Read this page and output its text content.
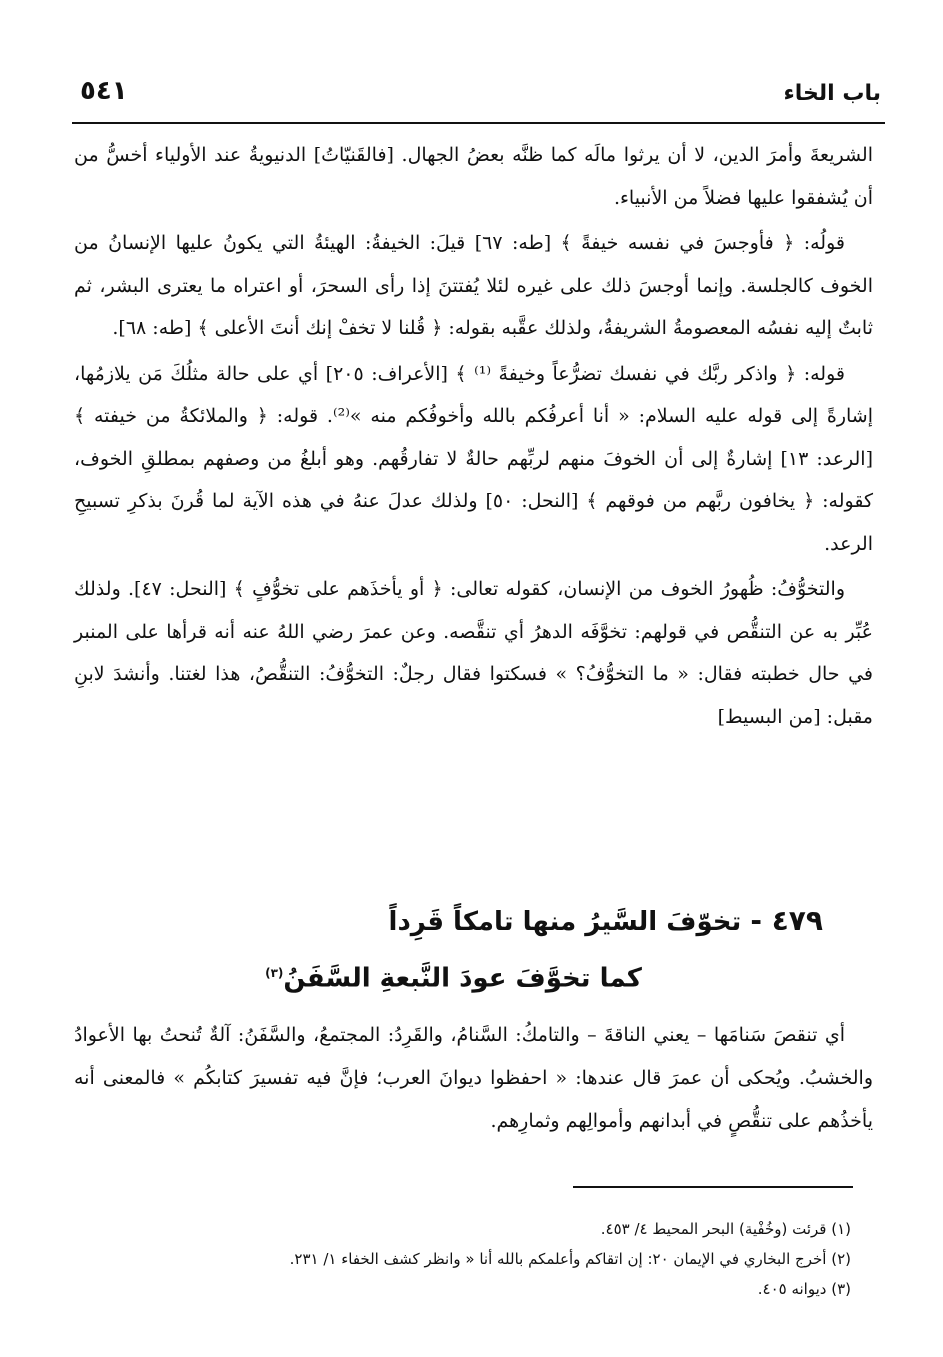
باب الخاء
٥٤١

الشريعةَ وأمرَ الدين، لا أن يرثوا مالَه كما ظنَّه بعضُ الجهال. [فالقَنيّاتُ] الدنيويةُ عند الأولياء أخسُّ من أن يُشفقوا عليها فضلاً من الأنبياء.

قولُه: ﴿ فأوجسَ في نفسه خيفةً ﴾ [طه: ٦٧] قيلَ: الخيفةُ: الهيئةُ التي يكونُ عليها الإنسانُ من الخوف كالجلسة. وإنما أوجسَ ذلك على غيره لئلا يُفتتنَ إذا رأى السحرَ، أو اعتراه ما يعترى البشر، ثم ثابتٌ إليه نفسُه المعصومةُ الشريفةُ، ولذلك عقَّبه بقوله: ﴿ قُلنا لا تخفْ إنك أنتَ الأعلى ﴾ [طه: ٦٨].

قوله: ﴿ واذكر ربَّك في نفسك تضرُّعاً وخيفةً ⁽¹⁾ ﴾ [الأعراف: ٢٠٥] أي على حالة مثلُكَ مَن يلازمُها، إشارةً إلى قوله عليه السلام: « أنا أعرفُكم بالله وأخوفُكم منه »⁽²⁾. قوله: ﴿ والملائكةُ من خيفته ﴾ [الرعد: ١٣] إشارةٌ إلى أن الخوفَ منهم لربِّهم حالةٌ لا تفارقُهم. وهو أبلغُ من وصفهم بمطلقِ الخوف، كقوله: ﴿ يخافون ربَّهم من فوقهم ﴾ [النحل: ٥٠] ولذلك عدلَ عنهُ في هذه الآية لما قُرنَ بذكرِ تسبيحِ الرعد.

والتخوُّفُ: ظُهورُ الخوف من الإنسان، كقوله تعالى: ﴿ أو يأخذَهم على تخوُّفٍ ﴾ [النحل: ٤٧]. ولذلك عُبِّر به عن التنقُّص في قولهم: تخوَّفَه الدهرُ أي تنقَّصه. وعن عمرَ رضي اللهُ عنه أنه قرأها على المنبر في حال خطبته فقال: « ما التخوُّفُ؟ » فسكتوا فقال رجلٌ: التخوُّفُ: التنقُّصُ، هذا لغتنا. وأنشدَ لابنِ مقبل: [من البسيط]

٤٧٩ - تخوّفَ السَّيرُ منها تامكاً قَرِداً
كما تخوَّفَ عودَ النَّبعةِ السَّفَنُ$^{(٣)}$

أي تنقصَ سَنامَها – يعني الناقةَ – والتامكُ: السَّنامُ، والقَرِدُ: المجتمعُ، والسَّفَنُ: آلةٌ تُنحتُ بها الأعوادُ والخشبُ. ويُحكى أن عمرَ قال عندها: « احفظوا ديوانَ العرب؛ فإنَّ فيه تفسيرَ كتابكُم » فالمعنى أنه يأخذُهم على تنقُّصٍ في أبدانهم وأموالِهم وثمارِهم.

(١) قرئت (وخُفْية) البحر المحيط ٤/ ٤٥٣.

(٢) أخرج البخاري في الإيمان ٢٠: إن اتقاكم وأعلمكم بالله أنا « وانظر كشف الخفاء ١/ ٢٣١.

(٣) ديوانه ٤٠٥.
